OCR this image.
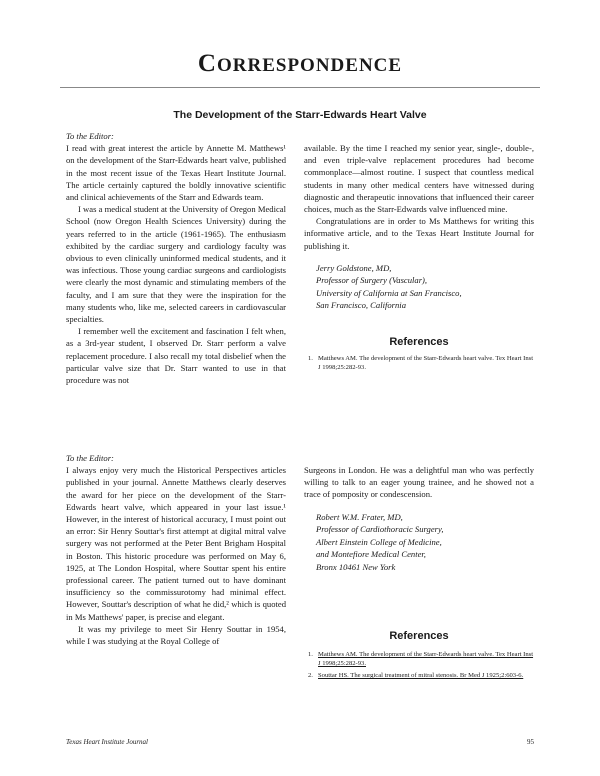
CORRESPONDENCE
The Development of the Starr-Edwards Heart Valve

To the Editor:

I read with great interest the article by Annette M. Matthews¹ on the development of the Starr-Edwards heart valve, published in the most recent issue of the Texas Heart Institute Journal. The article certainly captured the boldly innovative scientific and clinical achievements of the Starr and Edwards team.

I was a medical student at the University of Oregon Medical School (now Oregon Health Sciences University) during the years referred to in the article (1961-1965). The enthusiasm exhibited by the cardiac surgery and cardiology faculty was obvious to even clinically uninformed medical students, and it was infectious. Those young cardiac surgeons and cardiologists were clearly the most dynamic and stimulating members of the faculty, and I am sure that they were the inspiration for the many students who, like me, selected careers in cardiovascular specialties.

I remember well the excitement and fascination I felt when, as a 3rd-year student, I observed Dr. Starr perform a valve replacement procedure. I also recall my total disbelief when the particular valve size that Dr. Starr wanted to use in that procedure was not

available. By the time I reached my senior year, single-, double-, and even triple-valve replacement procedures had become commonplace—almost routine. I suspect that countless medical students in many other medical centers have witnessed during diagnostic and therapeutic innovations that influenced their career choices, much as the Starr-Edwards valve influenced mine.

Congratulations are in order to Ms Matthews for writing this informative article, and to the Texas Heart Institute Journal for publishing it.

Jerry Goldstone, MD,
Professor of Surgery (Vascular),
University of California at San Francisco,
San Francisco, California
References
1. Matthews AM. The development of the Starr-Edwards heart valve. Tex Heart Inst J 1998;25:282-93.

To the Editor:

I always enjoy very much the Historical Perspectives articles published in your journal. Annette Matthews clearly deserves the award for her piece on the development of the Starr-Edwards heart valve, which appeared in your last issue.¹ However, in the interest of historical accuracy, I must point out an error: Sir Henry Souttar's first attempt at digital mitral valve surgery was not performed at the Peter Bent Brigham Hospital in Boston. This historic procedure was performed on May 6, 1925, at The London Hospital, where Souttar spent his entire professional career. The patient turned out to have dominant insufficiency so the commissurotomy had minimal effect. However, Souttar's description of what he did,² which is quoted in Ms Matthews' paper, is precise and elegant.

It was my privilege to meet Sir Henry Souttar in 1954, while I was studying at the Royal College of

Surgeons in London. He was a delightful man who was perfectly willing to talk to an eager young trainee, and he showed not a trace of pomposity or condescension.

Robert W.M. Frater, MD,
Professor of Cardiothoracic Surgery,
Albert Einstein College of Medicine,
and Montefiore Medical Center,
Bronx 10461 New York
References
1. Matthews AM. The development of the Starr-Edwards heart valve. Tex Heart Inst J 1998;25:282-93.
2. Souttar HS. The surgical treatment of mitral stenosis. Br Med J 1925;2:603-6.
Texas Heart Institute Journal	95
